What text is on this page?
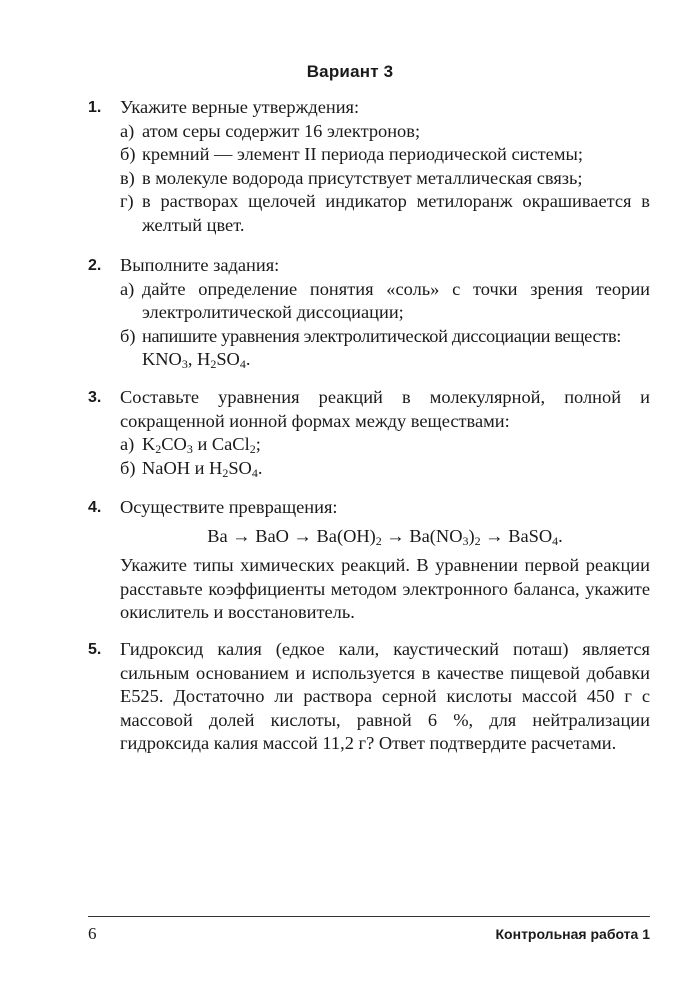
Вариант 3
1. Укажите верные утверждения:
а) атом серы содержит 16 электронов;
б) кремний — элемент II периода периодической системы;
в) в молекуле водорода присутствует металлическая связь;
г) в растворах щелочей индикатор метилоранж окрашивается в желтый цвет.
2. Выполните задания:
а) дайте определение понятия «соль» с точки зрения теории электролитической диссоциации;
б) напишите уравнения электролитической диссоциации веществ:
$KNO_3$, $H_2SO_4$.
3. Составьте уравнения реакций в молекулярной, полной и сокращенной ионной формах между веществами:
а) $K_2CO_3$ и CaCl$_2$;
б) NaOH и $H_2SO_4$.
4. Осуществите превращения:
Ba → BaO → $Ba(OH)_2 \to Ba(NO_3)_2$ → BaSO$_4$.
Укажите типы химических реакций. В уравнении первой реакции расставьте коэффициенты методом электронного баланса, укажите окислитель и восстановитель.
5. Гидроксид калия (едкое кали, каустический поташ) является сильным основанием и используется в качестве пищевой добавки Е525. Достаточно ли раствора серной кислоты массой 450 г с массовой долей кислоты, равной 6 %, для нейтрализации гидроксида калия массой 11,2 г? Ответ подтвердите расчетами.
6	Контрольная работа 1
